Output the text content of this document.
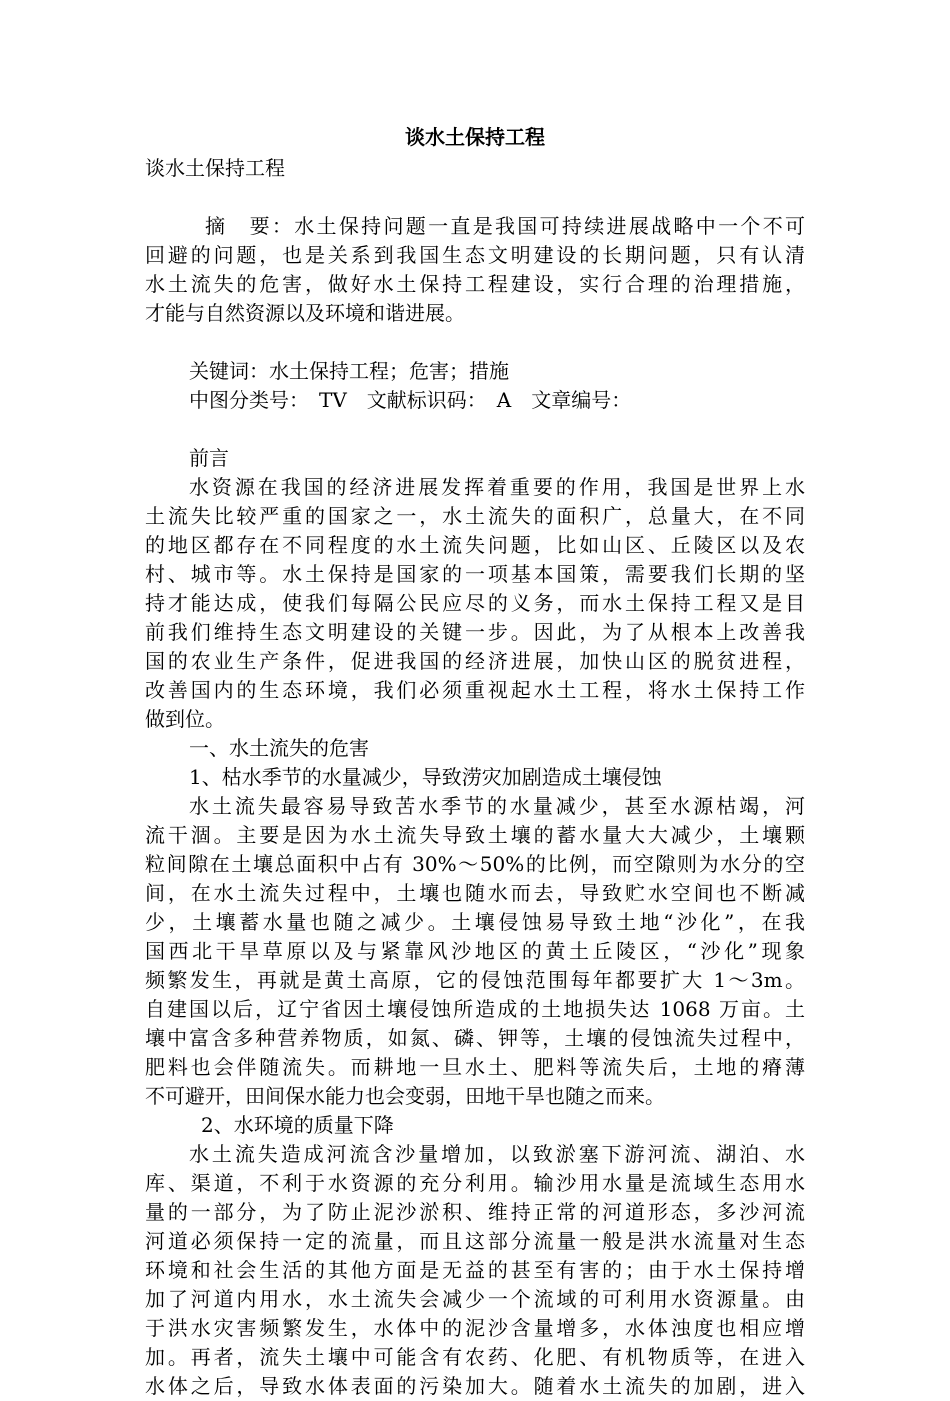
谈水土保持工程

谈水土保持工程

摘　要：水土保持问题一直是我国可持续进展战略中一个不可

回避的问题，也是关系到我国生态文明建设的长期问题，只有认清

水土流失的危害，做好水土保持工程建设，实行合理的治理措施，

才能与自然资源以及环境和谐进展。

关键词：水土保持工程；危害；措施

中图分类号：　TV　文献标识码：　A　文章编号：

前言

水资源在我国的经济进展发挥着重要的作用，我国是世界上水

土流失比较严重的国家之一，水土流失的面积广，总量大，在不同

的地区都存在不同程度的水土流失问题，比如山区、丘陵区以及农

村、城市等。水土保持是国家的一项基本国策，需要我们长期的坚

持才能达成，使我们每隔公民应尽的义务，而水土保持工程又是目

前我们维持生态文明建设的关键一步。因此，为了从根本上改善我

国的农业生产条件，促进我国的经济进展，加快山区的脱贫进程，

改善国内的生态环境，我们必须重视起水土工程，将水土保持工作

做到位。

一、水土流失的危害

1、枯水季节的水量减少，导致涝灾加剧造成土壤侵蚀

水土流失最容易导致苦水季节的水量减少，甚至水源枯竭，河

流干涸。主要是因为水土流失导致土壤的蓄水量大大减少，土壤颗

粒间隙在土壤总面积中占有 30%～50%的比例，而空隙则为水分的空

间，在水土流失过程中，土壤也随水而去，导致贮水空间也不断减

少，土壤蓄水量也随之减少。土壤侵蚀易导致土地“沙化”，在我

国西北干旱草原以及与紧靠风沙地区的黄土丘陵区，“沙化”现象

频繁发生，再就是黄土高原，它的侵蚀范围每年都要扩大 1～3m。

自建国以后，辽宁省因土壤侵蚀所造成的土地损失达 1068 万亩。土

壤中富含多种营养物质，如氮、磷、钾等，土壤的侵蚀流失过程中，

肥料也会伴随流失。而耕地一旦水土、肥料等流失后，土地的瘠薄

不可避开，田间保水能力也会变弱，田地干旱也随之而来。

2、水环境的质量下降

水土流失造成河流含沙量增加，以致淤塞下游河流、湖泊、水

库、渠道，不利于水资源的充分利用。输沙用水量是流域生态用水

量的一部分，为了防止泥沙淤积、维持正常的河道形态，多沙河流

河道必须保持一定的流量，而且这部分流量一般是洪水流量对生态

环境和社会生活的其他方面是无益的甚至有害的；由于水土保持增

加了河道内用水，水土流失会减少一个流域的可利用水资源量。由

于洪水灾害频繁发生，水体中的泥沙含量增多，水体浊度也相应增

加。再者，流失土壤中可能含有农药、化肥、有机物质等，在进入

水体之后，导致水体表面的污染加大。随着水土流失的加剧，进入
